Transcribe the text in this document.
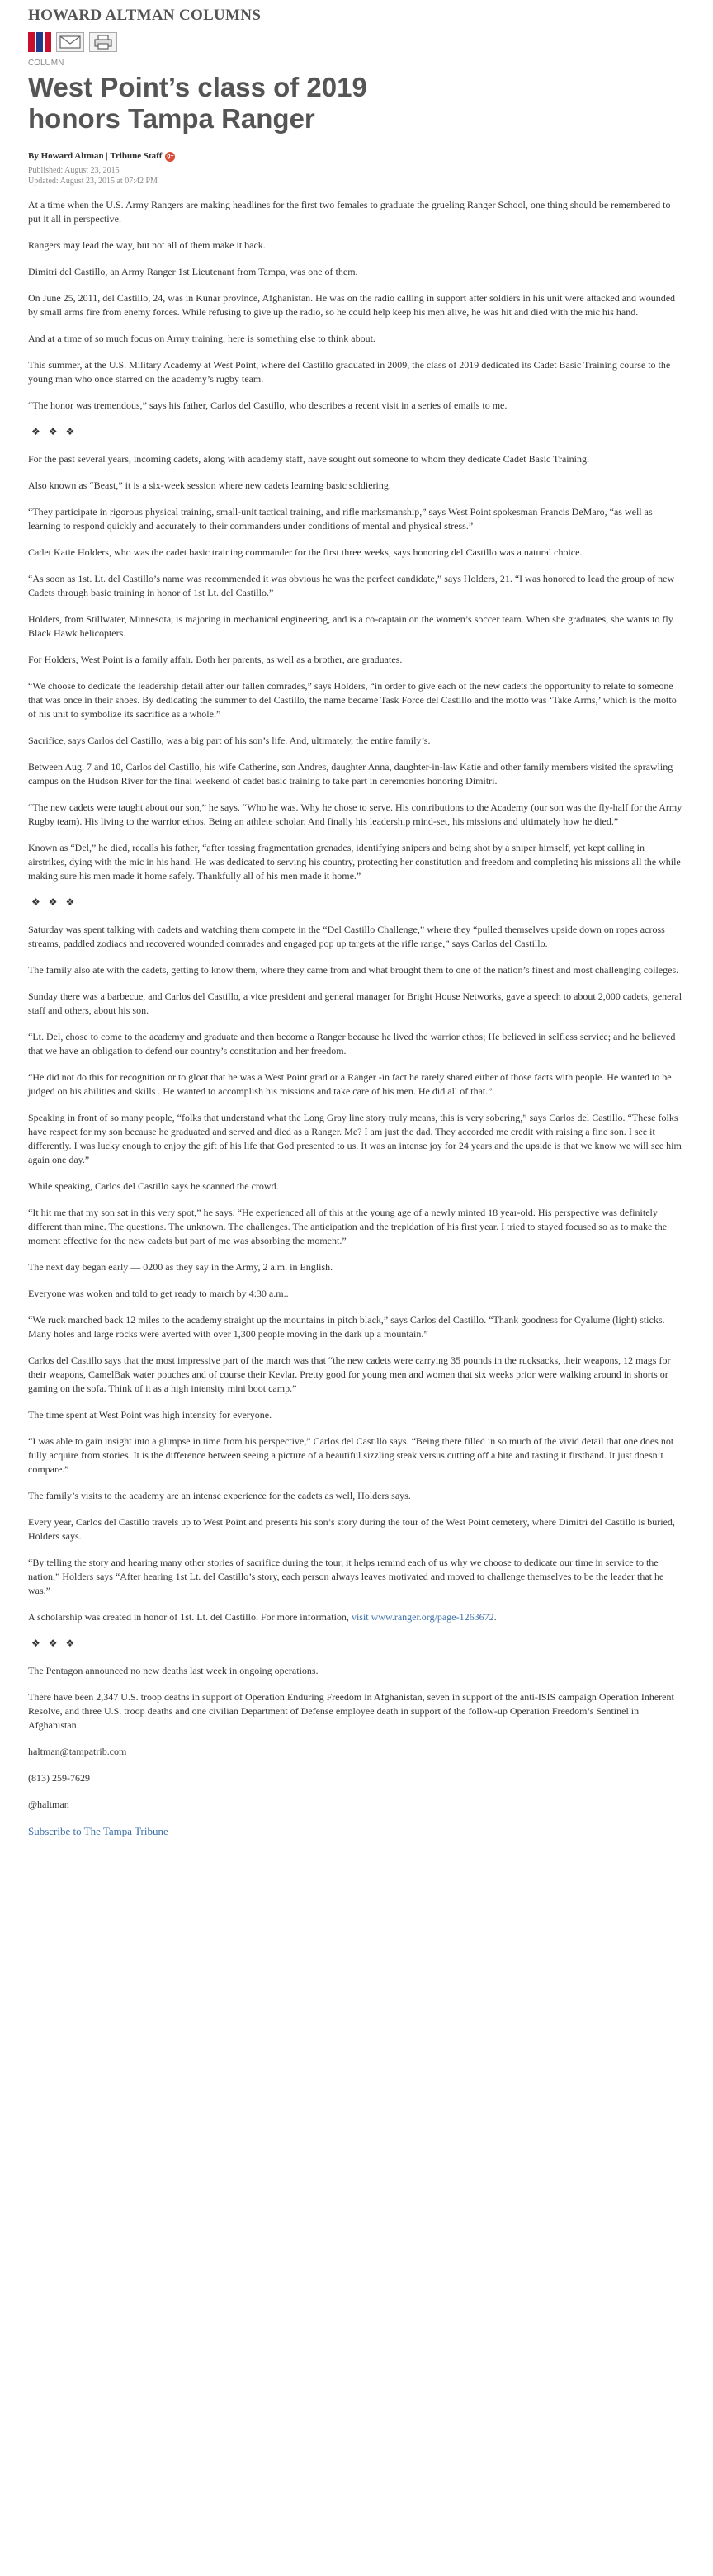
HOWARD ALTMAN COLUMNS
COLUMN
West Point’s class of 2019 honors Tampa Ranger
By Howard Altman | Tribune Staff g+
Published: August 23, 2015
Updated: August 23, 2015 at 07:42 PM

At a time when the U.S. Army Rangers are making headlines for the first two females to graduate the grueling Ranger School, one thing should be remembered to put it all in perspective.

Rangers may lead the way, but not all of them make it back.

Dimitri del Castillo, an Army Ranger 1st Lieutenant from Tampa, was one of them.

On June 25, 2011, del Castillo, 24, was in Kunar province, Afghanistan. He was on the radio calling in support after soldiers in his unit were attacked and wounded by small arms fire from enemy forces. While refusing to give up the radio, so he could help keep his men alive, he was hit and died with the mic his hand.

And at a time of so much focus on Army training, here is something else to think about.

This summer, at the U.S. Military Academy at West Point, where del Castillo graduated in 2009, the class of 2019 dedicated its Cadet Basic Training course to the young man who once starred on the academy’s rugby team.

“The honor was tremendous,” says his father, Carlos del Castillo, who describes a recent visit in a series of emails to me.

❖❖❖

For the past several years, incoming cadets, along with academy staff, have sought out someone to whom they dedicate Cadet Basic Training.

Also known as “Beast,” it is a six-week session where new cadets learning basic soldiering.

“They participate in rigorous physical training, small-unit tactical training, and rifle marksmanship,” says West Point spokesman Francis DeMaro, “as well as learning to respond quickly and accurately to their commanders under conditions of mental and physical stress.”

Cadet Katie Holders, who was the cadet basic training commander for the first three weeks, says honoring del Castillo was a natural choice.

“As soon as 1st. Lt. del Castillo’s name was recommended it was obvious he was the perfect candidate,” says Holders, 21. “I was honored to lead the group of new Cadets through basic training in honor of 1st Lt. del Castillo.”

Holders, from Stillwater, Minnesota, is majoring in mechanical engineering, and is a co-captain on the women’s soccer team. When she graduates, she wants to fly Black Hawk helicopters.

For Holders, West Point is a family affair. Both her parents, as well as a brother, are graduates.

“We choose to dedicate the leadership detail after our fallen comrades,” says Holders, “in order to give each of the new cadets the opportunity to relate to someone that was once in their shoes. By dedicating the summer to del Castillo, the name became Task Force del Castillo and the motto was ‘Take Arms,’ which is the motto of his unit to symbolize its sacrifice as a whole.”

Sacrifice, says Carlos del Castillo, was a big part of his son’s life. And, ultimately, the entire family’s.

Between Aug. 7 and 10, Carlos del Castillo, his wife Catherine, son Andres, daughter Anna, daughter-in-law Katie and other family members visited the sprawling campus on the Hudson River for the final weekend of cadet basic training to take part in ceremonies honoring Dimitri.

“The new cadets were taught about our son,” he says. “Who he was. Why he chose to serve. His contributions to the Academy (our son was the fly-half for the Army Rugby team). His living to the warrior ethos. Being an athlete scholar. And finally his leadership mind-set, his missions and ultimately how he died.”

Known as “Del,” he died, recalls his father, “after tossing fragmentation grenades, identifying snipers and being shot by a sniper himself, yet kept calling in airstrikes, dying with the mic in his hand. He was dedicated to serving his country, protecting her constitution and freedom and completing his missions all the while making sure his men made it home safely. Thankfully all of his men made it home.”

❖❖❖

Saturday was spent talking with cadets and watching them compete in the “Del Castillo Challenge,” where they “pulled themselves upside down on ropes across streams, paddled zodiacs and recovered wounded comrades and engaged pop up targets at the rifle range,” says Carlos del Castillo.

The family also ate with the cadets, getting to know them, where they came from and what brought them to one of the nation’s finest and most challenging colleges.

Sunday there was a barbecue, and Carlos del Castillo, a vice president and general manager for Bright House Networks, gave a speech to about 2,000 cadets, general staff and others, about his son.

“Lt. Del, chose to come to the academy and graduate and then become a Ranger because he lived the warrior ethos; He believed in selfless service; and he believed that we have an obligation to defend our country’s constitution and her freedom.

“He did not do this for recognition or to gloat that he was a West Point grad or a Ranger -in fact he rarely shared either of those facts with people. He wanted to be judged on his abilities and skills . He wanted to accomplish his missions and take care of his men. He did all of that.”

Speaking in front of so many people, “folks that understand what the Long Gray line story truly means, this is very sobering,” says Carlos del Castillo. “These folks have respect for my son because he graduated and served and died as a Ranger. Me? I am just the dad. They accorded me credit with raising a fine son. I see it differently. I was lucky enough to enjoy the gift of his life that God presented to us. It was an intense joy for 24 years and the upside is that we know we will see him again one day.”

While speaking, Carlos del Castillo says he scanned the crowd.

“It hit me that my son sat in this very spot,” he says. “He experienced all of this at the young age of a newly minted 18 year-old. His perspective was definitely different than mine. The questions. The unknown. The challenges. The anticipation and the trepidation of his first year. I tried to stayed focused so as to make the moment effective for the new cadets but part of me was absorbing the moment.”

The next day began early — 0200 as they say in the Army, 2 a.m. in English.

Everyone was woken and told to get ready to march by 4:30 a.m..

“We ruck marched back 12 miles to the academy straight up the mountains in pitch black,” says Carlos del Castillo. “Thank goodness for Cyalume (light) sticks. Many holes and large rocks were averted with over 1,300 people moving in the dark up a mountain.”

Carlos del Castillo says that the most impressive part of the march was that “the new cadets were carrying 35 pounds in the rucksacks, their weapons, 12 mags for their weapons, CamelBak water pouches and of course their Kevlar. Pretty good for young men and women that six weeks prior were walking around in shorts or gaming on the sofa. Think of it as a high intensity mini boot camp.”

The time spent at West Point was high intensity for everyone.

“I was able to gain insight into a glimpse in time from his perspective,” Carlos del Castillo says. “Being there filled in so much of the vivid detail that one does not fully acquire from stories. It is the difference between seeing a picture of a beautiful sizzling steak versus cutting off a bite and tasting it firsthand. It just doesn’t compare.”

The family’s visits to the academy are an intense experience for the cadets as well, Holders says.

Every year, Carlos del Castillo travels up to West Point and presents his son’s story during the tour of the West Point cemetery, where Dimitri del Castillo is buried, Holders says.

“By telling the story and hearing many other stories of sacrifice during the tour, it helps remind each of us why we choose to dedicate our time in service to the nation,” Holders says “After hearing 1st Lt. del Castillo’s story, each person always leaves motivated and moved to challenge themselves to be the leader that he was.”

A scholarship was created in honor of 1st. Lt. del Castillo. For more information, visit www.ranger.org/page-1263672.

❖❖❖

The Pentagon announced no new deaths last week in ongoing operations.

There have been 2,347 U.S. troop deaths in support of Operation Enduring Freedom in Afghanistan, seven in support of the anti-ISIS campaign Operation Inherent Resolve, and three U.S. troop deaths and one civilian Department of Defense employee death in support of the follow-up Operation Freedom’s Sentinel in Afghanistan.

haltman@tampatrib.com

(813) 259-7629

@haltman

Subscribe to The Tampa Tribune
